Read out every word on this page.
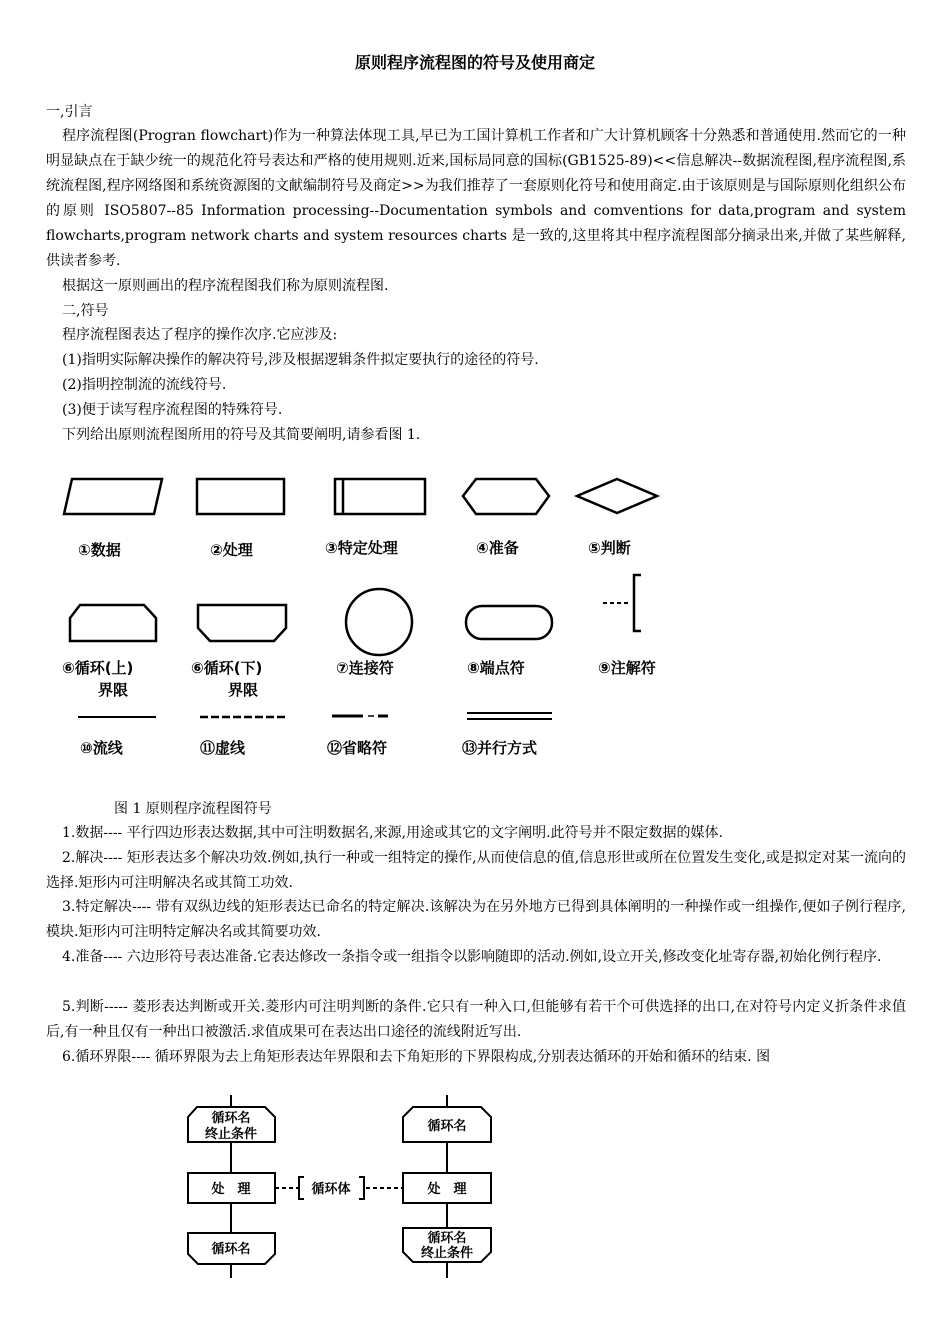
原则程序流程图的符号及使用商定

一,引言

程序流程图(Progran flowchart)作为一种算法体现工具,早已为工国计算机工作者和广大计算机顾客十分熟悉和普通使用.然而它的一种明显缺点在于缺少统一的规范化符号表达和严格的使用规则.近来,国标局同意的国标(GB1525-89)<<信息解决--数据流程图,程序流程图,系统流程图,程序网络图和系统资源图的文献编制符号及商定>>为我们推荐了一套原则化符号和使用商定.由于该原则是与国际原则化组织公布的原则 ISO5807--85 Information processing--Documentation symbols and comventions for data,program and system flowcharts,program network charts and system resources charts 是一致的,这里将其中程序流程图部分摘录出来,并做了某些解释,供读者参考.

根据这一原则画出的程序流程图我们称为原则流程图.

二,符号

程序流程图表达了程序的操作次序.它应涉及:

(1)指明实际解决操作的解决符号,涉及根据逻辑条件拟定要执行的途径的符号.

(2)指明控制流的流线符号.

(3)便于读写程序流程图的特殊符号.

下列给出原则流程图所用的符号及其简要阐明,请参看图 1.

①数据	②处理	③特定处理	④准备	⑤判断
⑥循环(上)
界限
⑥循环(下)
界限
⑦连接符	⑧端点符	⑨注解符
⑩流线	⑪虚线	⑫省略符	⑬并行方式
图 1 原则程序流程图符号

1.数据---- 平行四边形表达数据,其中可注明数据名,来源,用途或其它的文字阐明.此符号并不限定数据的媒体.

2.解决---- 矩形表达多个解决功效.例如,执行一种或一组特定的操作,从而使信息的值,信息形世或所在位置发生变化,或是拟定对某一流向的选择.矩形内可注明解决名或其简工功效.

3.特定解决---- 带有双纵边线的矩形表达已命名的特定解决.该解决为在另外地方已得到具体阐明的一种操作或一组操作,便如子例行程序,模块.矩形内可注明特定解决名或其简要功效.

4.准备---- 六边形符号表达准备.它表达修改一条指令或一组指令以影响随即的活动.例如,设立开关,修改变化址寄存器,初始化例行程序.

5.判断----- 菱形表达判断或开关.菱形内可注明判断的条件.它只有一种入口,但能够有若干个可供选择的出口,在对符号内定义折条件求值后,有一种且仅有一种出口被激活.求值成果可在表达出口途径的流线附近写出.

6.循环界限---- 循环界限为去上角矩形表达年界限和去下角矩形的下界限构成,分别表达循环的开始和循环的结束. 图

循环名
终止条件
处　理
循环名
循环体
循环名
处　理
循环名
终止条件
